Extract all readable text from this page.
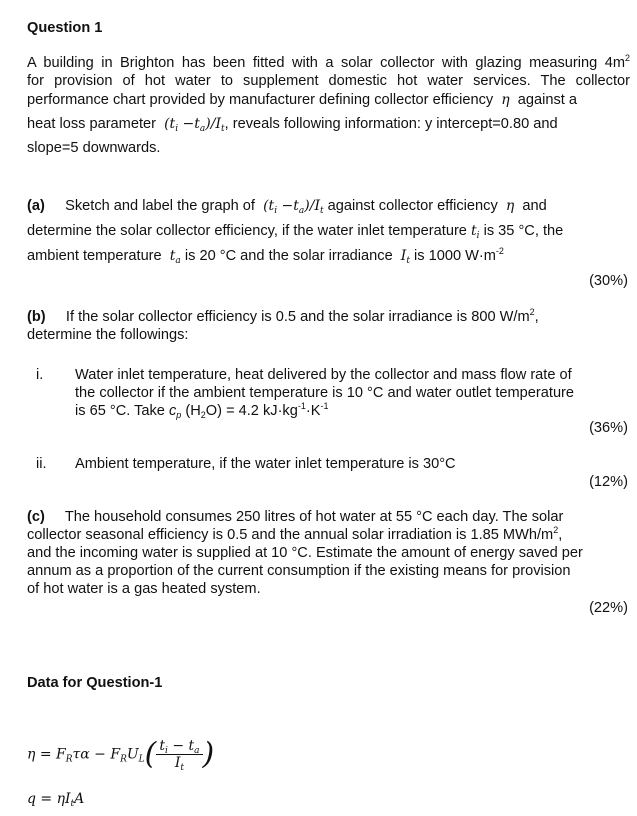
Question 1
A building in Brighton has been fitted with a solar collector with glazing measuring $4m^2$
for provision of hot water to supplement domestic hot water services. The collector
performance chart provided by manufacturer defining collector efficiency η against a
heat loss parameter $(t_i -t_a)/I_t$, reveals following information: y intercept=0.80 and
slope=5 downwards.
(a) Sketch and label the graph of $(t_i -t_a)/I_t$ against collector efficiency η and
determine the solar collector efficiency, if the water inlet temperature $t_i$ is 35 °C, the
ambient temperature $t_a$ is 20 °C and the solar irradiance $I_t$ is 1000 $W\cdot m^{-2}$
(30%)
(b) If the solar collector efficiency is 0.5 and the solar irradiance is 800 $W/m^2$,
determine the followings:
i. Water inlet temperature, heat delivered by the collector and mass flow rate of
the collector if the ambient temperature is 10 °C and water outlet temperature
is 65 °C. Take $c_p$ $(H_2O) = 4.2$ $kJ\cdot kg^{-1}\cdot K^{-1}$
(36%)
ii. Ambient temperature, if the water inlet temperature is 30°C
(12%)
(c) The household consumes 250 litres of hot water at 55 °C each day. The solar
collector seasonal efficiency is 0.5 and the annual solar irradiation is 1.85 MWh/$m^2$,
and the incoming water is supplied at 10 °C. Estimate the amount of energy saved per
annum as a proportion of the current consumption if the existing means for provision
of hot water is a gas heated system.
(22%)
Data for Question-1
$\eta = F_R\tau\alpha - F_RU_L( \frac{t_i - t_a}{I_t}$ )
$q = \eta I_tA$
